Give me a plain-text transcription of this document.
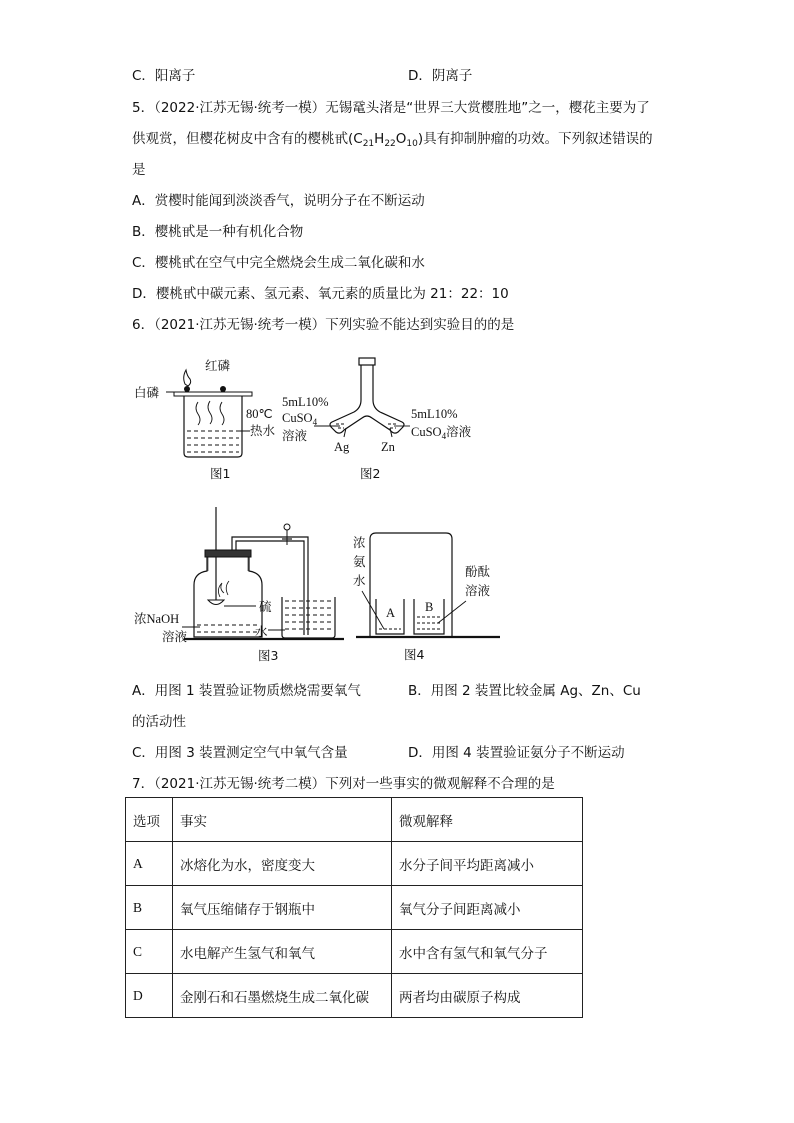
C．阳离子	D．阴离子
5．（2022·江苏无锡·统考一模）无锡鼋头渚是“世界三大赏樱胜地”之一，樱花主要为了
供观赏，但樱花树皮中含有的樱桃甙$(C_{21}H_{22}O_{10})$具有抑制肿瘤的功效。下列叙述错误的
是
A．赏樱时能闻到淡淡香气，说明分子在不断运动
B．樱桃甙是一种有机化合物
C．樱桃甙在空气中完全燃烧会生成二氧化碳和水
D．樱桃甙中碳元素、氢元素、氧元素的质量比为 21：22：10
6．（2021·江苏无锡·统考一模）下列实验不能达到实验目的的是
红磷
白磷
80℃
热水
图1
5mL10%
CuSO$_4$
溶液
5mL10%
CuSO$_4$溶液
Ag	Zn
图2
硫
浓NaOH
溶液	水
图3
A B
浓
氨
水
酚酞
溶液
图4
A．用图 1 装置验证物质燃烧需要氧气	B．用图 2 装置比较金属 Ag、Zn、Cu
的活动性
C．用图 3 装置测定空气中氧气含量	D．用图 4 装置验证氨分子不断运动
7．（2021·江苏无锡·统考二模）下列对一些事实的微观解释不合理的是
选项	事实	微观解释
A	冰熔化为水，密度变大	水分子间平均距离减小
B	氧气压缩储存于钢瓶中	氧气分子间距离减小
C	水电解产生氢气和氧气	水中含有氢气和氧气分子
D	金刚石和石墨燃烧生成二氧化碳	两者均由碳原子构成
